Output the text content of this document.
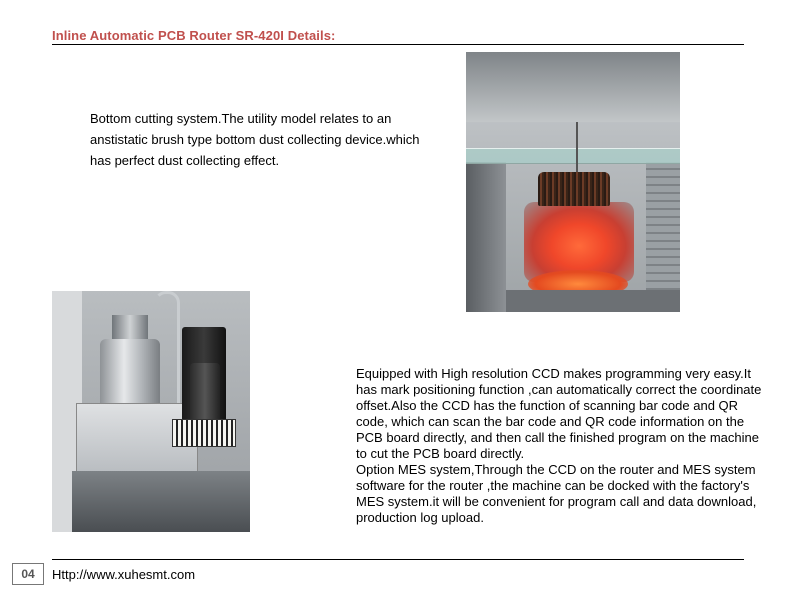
Inline Automatic PCB Router SR-420I Details:
Bottom cutting system.The utility model relates to an anstistatic brush type bottom dust collecting device.which has perfect dust collecting effect.

Equipped with High resolution CCD makes programming very easy.It has mark positioning function ,can automatically correct the coordinate offset.Also the CCD has the function of scanning bar code and QR code, which can scan the bar code and QR code information on the PCB board directly, and then call the finished program on the machine to cut the PCB board directly.

Option MES system,Through the CCD on the router and MES system software for the router ,the machine can be docked with the factory's MES system.it will be convenient for program call and data download, production log upload.

04	Http://www.xuhesmt.com
